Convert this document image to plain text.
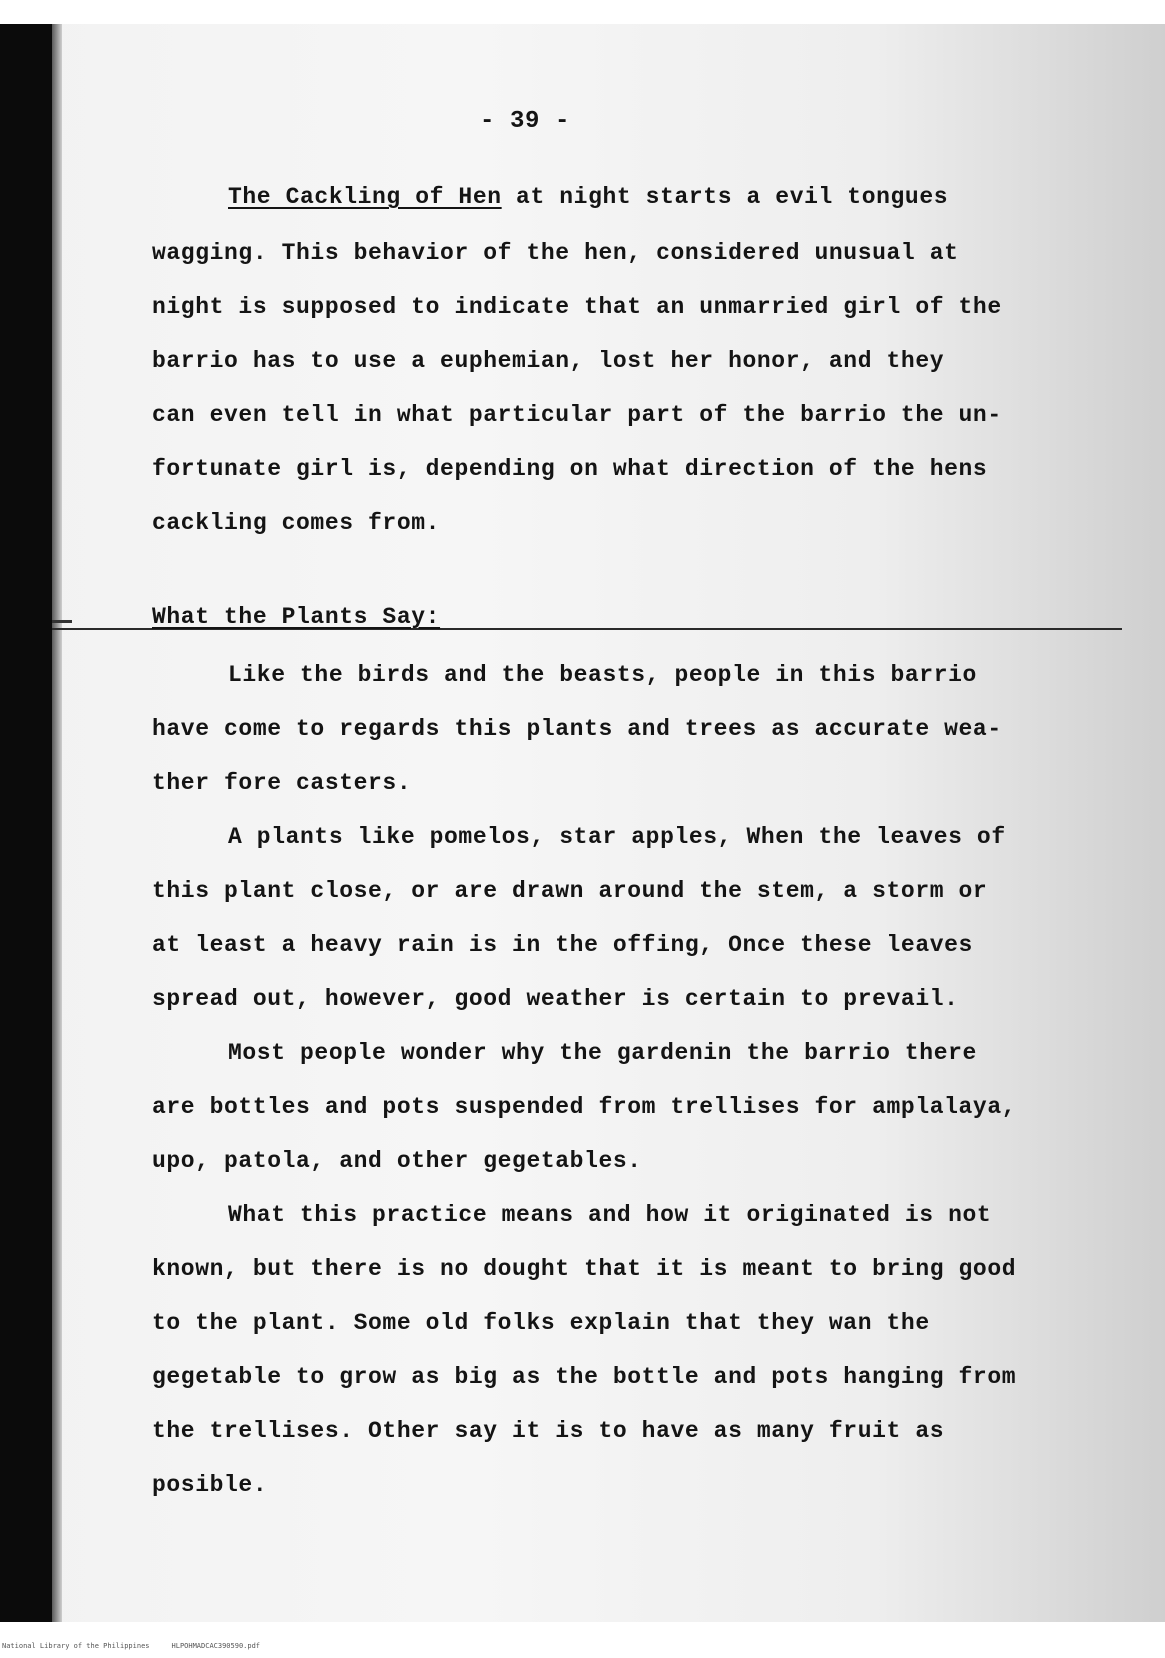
- 39 -
The Cackling of Hen at night starts a evil tongues
wagging. This behavior of the hen, considered unusual at
night is supposed to indicate that an unmarried girl of the
barrio has to use a euphemian, lost her honor, and they
can even tell in what particular part of the barrio the un-
fortunate girl is, depending on what direction of the hens
cackling comes from.
What the Plants Say:
Like the birds and the beasts, people in this barrio
have come to regards this plants and trees as accurate wea-
ther fore casters.
A plants like pomelos, star apples, When the leaves of
this plant close, or are drawn around the stem, a storm or
at least a heavy rain is in the offing, Once these leaves
spread out, however, good weather is certain to prevail.
Most people wonder why the gardenin the barrio there
are bottles and pots suspended from trellises for amplalaya,
upo, patola, and other gegetables.
What this practice means and how it originated is not
known, but there is no dought that it is meant to bring good
to the plant. Some old folks explain that they wan the
gegetable to grow as big as the bottle and pots hanging from
the trellises. Other say it is to have as many fruit as
posible.
National Library of the Philippines	HLPOHMADCAC390590.pdf
